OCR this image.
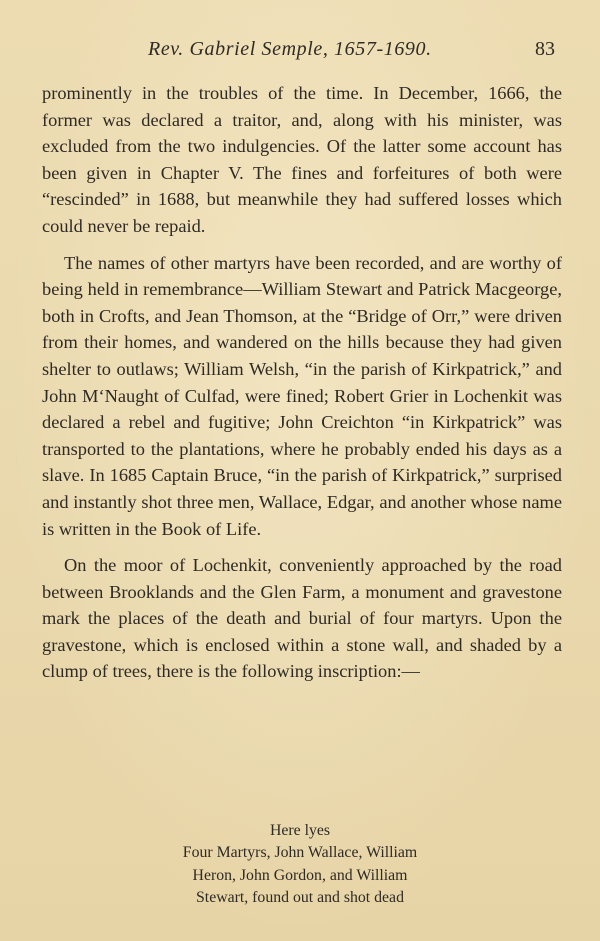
Rev. Gabriel Semple, 1657-1690.	83

prominently in the troubles of the time. In December, 1666, the former was declared a traitor, and, along with his minister, was excluded from the two indulgencies. Of the latter some account has been given in Chapter V. The fines and forfeitures of both were “rescinded” in 1688, but meanwhile they had suffered losses which could never be repaid.

The names of other martyrs have been recorded, and are worthy of being held in remembrance—William Stewart and Patrick Macgeorge, both in Crofts, and Jean Thomson, at the “Bridge of Orr,” were driven from their homes, and wandered on the hills because they had given shelter to outlaws; William Welsh, “in the parish of Kirkpatrick,” and John M‘Naught of Culfad, were fined; Robert Grier in Lochenkit was declared a rebel and fugitive; John Creichton “in Kirkpatrick” was transported to the plantations, where he probably ended his days as a slave. In 1685 Captain Bruce, “in the parish of Kirkpatrick,” surprised and instantly shot three men, Wallace, Edgar, and another whose name is written in the Book of Life.

On the moor of Lochenkit, conveniently approached by the road between Brooklands and the Glen Farm, a monument and gravestone mark the places of the death and burial of four martyrs. Upon the gravestone, which is enclosed within a stone wall, and shaded by a clump of trees, there is the following inscription:—

Here lyes
Four Martyrs, John Wallace, William
Heron, John Gordon, and William
Stewart, found out and shot dead
